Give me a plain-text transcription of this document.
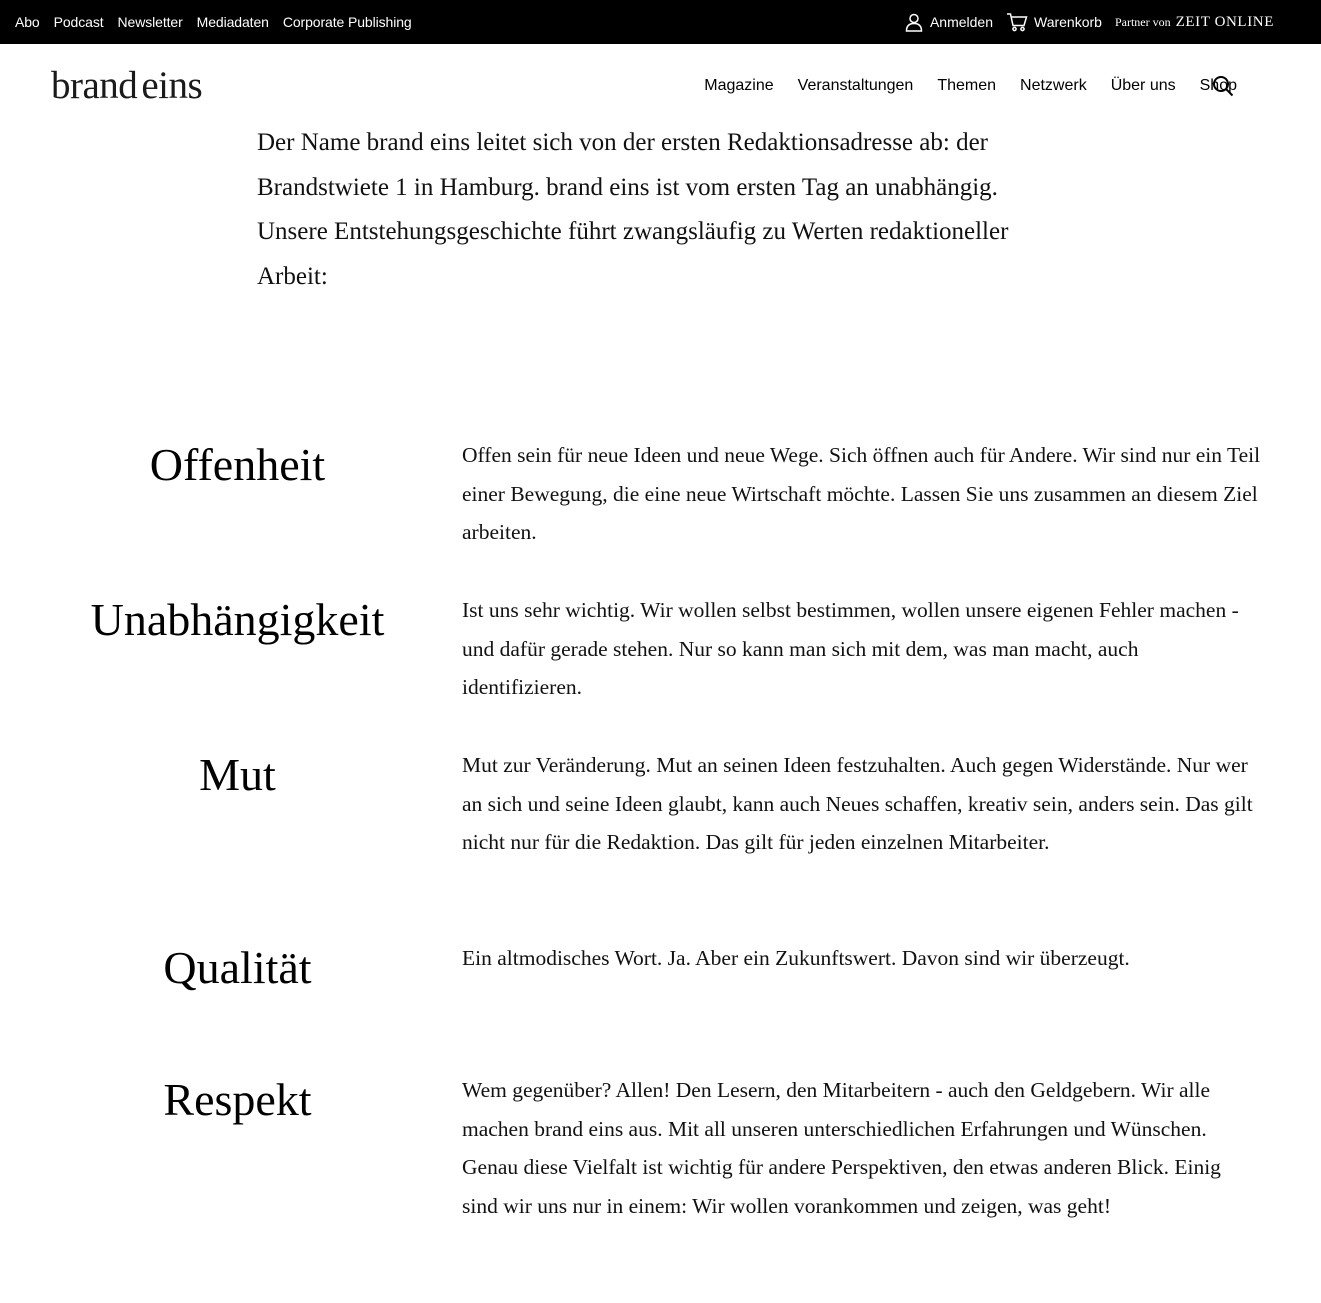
Abo Podcast Newsletter Mediadaten Corporate Publishing	Anmelden	Warenkorb Partner von ZEIT ONLINE
brand eins	Magazine Veranstaltungen Themen Netzwerk Über uns Shop

Der Name brand eins leitet sich von der ersten Redaktionsadresse ab: der Brandstwiete 1 in Hamburg. brand eins ist vom ersten Tag an unabhängig. Unsere Entstehungsgeschichte führt zwangsläufig zu Werten redaktioneller Arbeit:

Offenheit	Offen sein für neue Ideen und neue Wege. Sich öffnen auch für Andere. Wir sind nur ein Teil einer Bewegung, die eine neue Wirtschaft möchte. Lassen Sie uns zusammen an diesem Ziel arbeiten.

Unabhängigkeit	Ist uns sehr wichtig. Wir wollen selbst bestimmen, wollen unsere eigenen Fehler machen - und dafür gerade stehen. Nur so kann man sich mit dem, was man macht, auch identifizieren.

Mut	Mut zur Veränderung. Mut an seinen Ideen festzuhalten. Auch gegen Widerstände. Nur wer an sich und seine Ideen glaubt, kann auch Neues schaffen, kreativ sein, anders sein. Das gilt nicht nur für die Redaktion. Das gilt für jeden einzelnen Mitarbeiter.

Qualität	Ein altmodisches Wort. Ja. Aber ein Zukunftswert. Davon sind wir überzeugt.

Respekt	Wem gegenüber? Allen! Den Lesern, den Mitarbeitern - auch den Geldgebern. Wir alle machen brand eins aus. Mit all unseren unterschiedlichen Erfahrungen und Wünschen. Genau diese Vielfalt ist wichtig für andere Perspektiven, den etwas anderen Blick. Einig sind wir uns nur in einem: Wir wollen vorankommen und zeigen, was geht!
